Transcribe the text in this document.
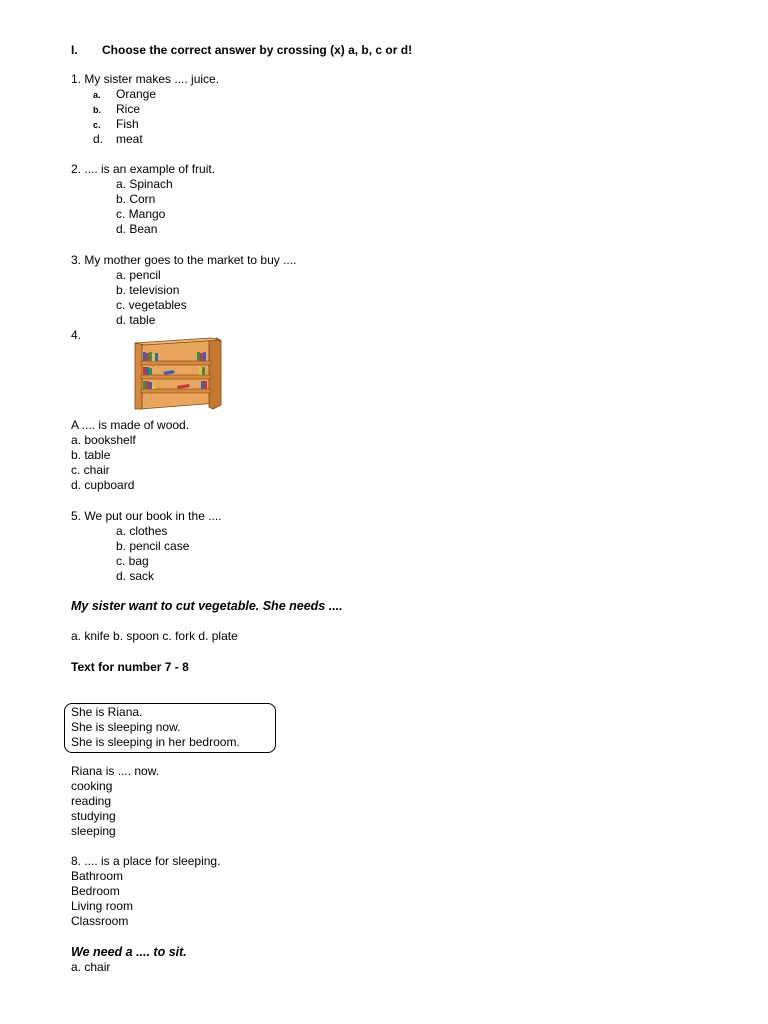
I. Choose the correct answer by crossing (x) a, b, c or d!
1. My sister makes .... juice.
a. Orange
b. Rice
c. Fish
d. meat
2. .... is an example of fruit.
a. Spinach
b. Corn
c. Mango
d. Bean
3. My mother goes to the market to buy ....
a. pencil
b. television
c. vegetables
d. table
4.
A .... is made of wood.
a. bookshelf
b. table
c. chair
d. cupboard
5. We put our book in the ....
a. clothes
b. pencil case
c. bag
d. sack
My sister want to cut vegetable. She needs ....
a. knife b. spoon c. fork d. plate
Text for number 7 - 8
She is Riana.
She is sleeping now.
She is sleeping in her bedroom.
Riana is .... now.
cooking
reading
studying
sleeping
8. .... is a place for sleeping.
Bathroom
Bedroom
Living room
Classroom
We need a .... to sit.
a. chair
